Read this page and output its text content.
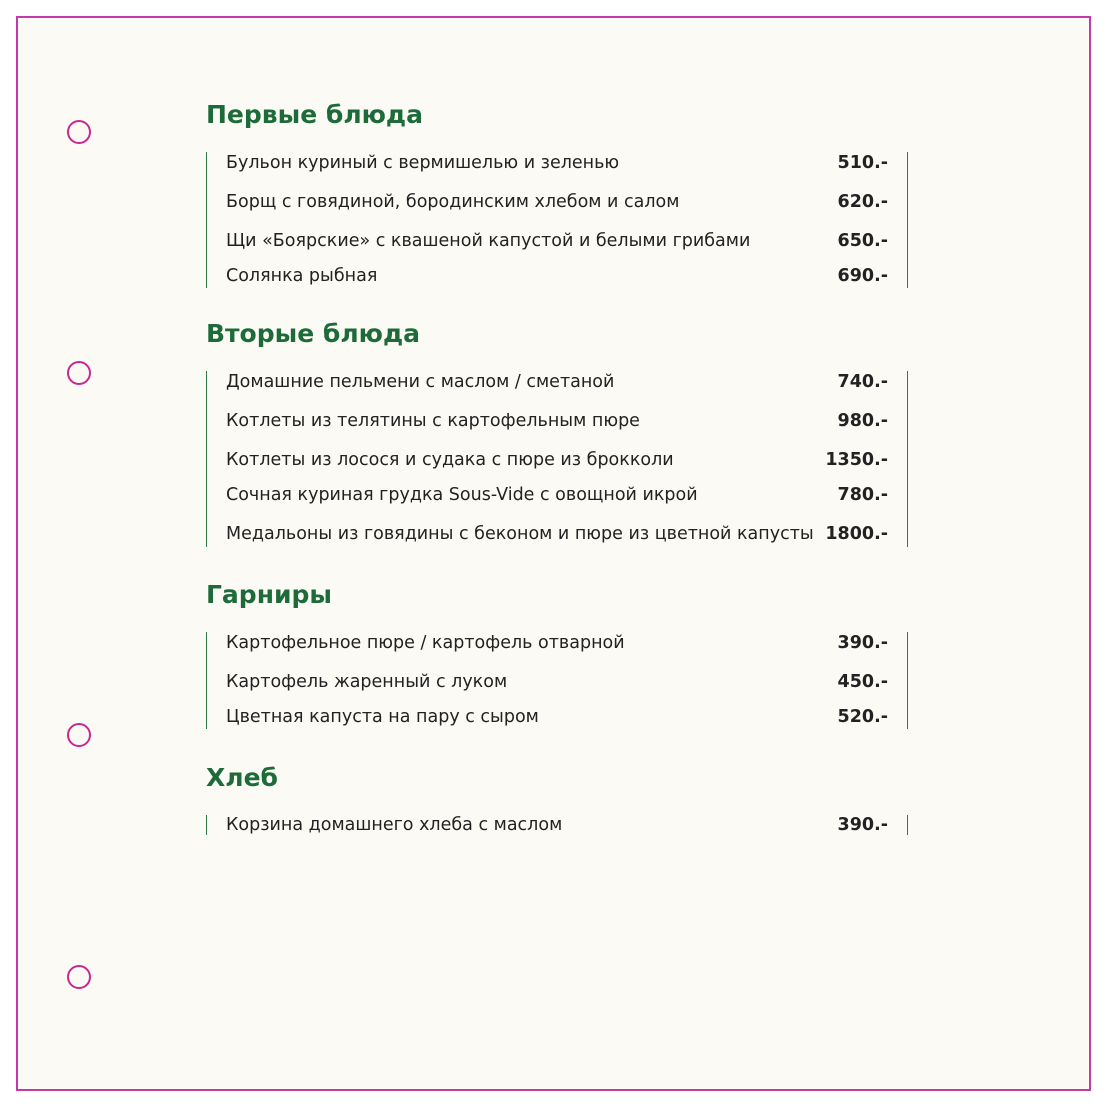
Первые блюда
Бульон куриный с вермишелью и зеленью	510.-
Борщ с говядиной, бородинским хлебом и салом	620.-
Щи «Боярские» с квашеной капустой и белыми грибами	650.-
Солянка рыбная	690.-
Вторые блюда
Домашние пельмени с маслом / сметаной	740.-
Котлеты из телятины с картофельным пюре	980.-
Котлеты из лосося и судака с пюре из брокколи	1350.-
Сочная куриная грудка Sous-Vide с овощной икрой	780.-
Медальоны из говядины с беконом и пюре из цветной капусты 1800.-
Гарниры
Картофельное пюре / картофель отварной	390.-
Картофель жаренный с луком	450.-
Цветная капуста на пару с сыром	520.-
Хлеб
Корзина домашнего хлеба с маслом	390.-
